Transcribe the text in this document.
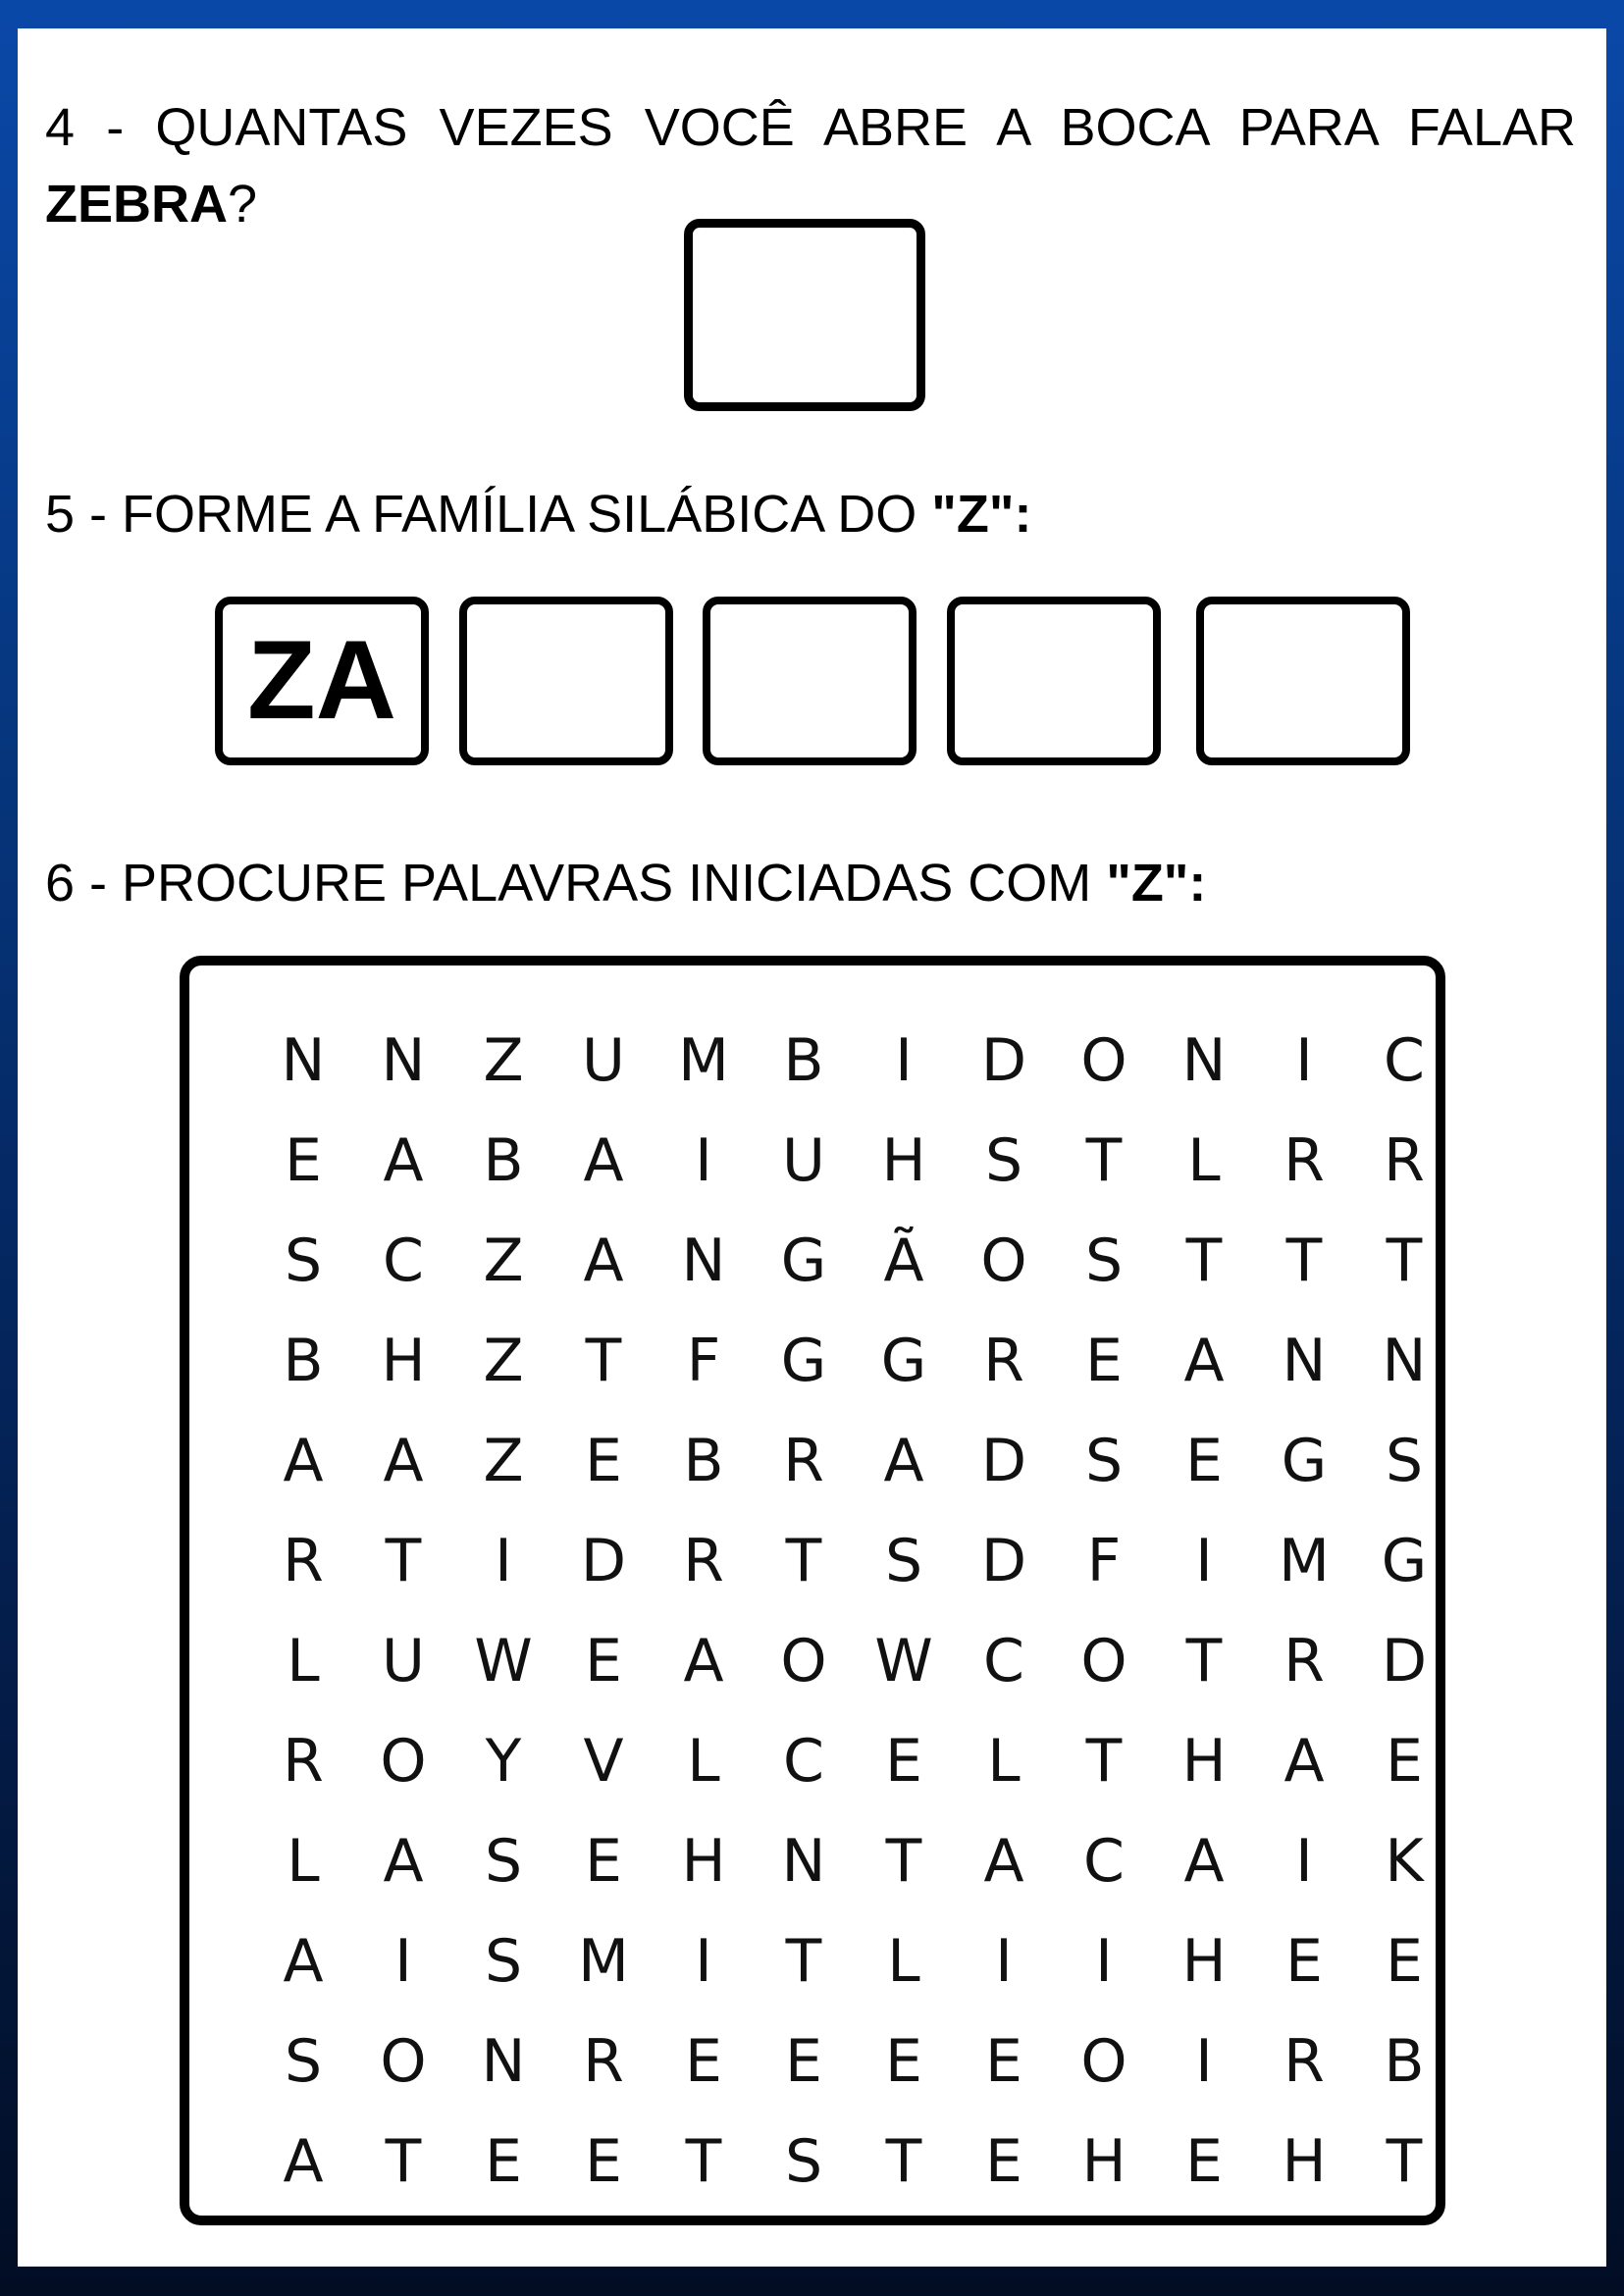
4 - QUANTAS VEZES VOCÊ ABRE A BOCA PARA FALAR ZEBRA?
5 - FORME A FAMÍLIA SILÁBICA DO "Z":
ZA
6 - PROCURE PALAVRAS INICIADAS COM "Z":
N N Z U M B	I	D O N	I	C
E	A	B	A	I	U H	S	T	L	R	R
S	C	Z	A N G Ã O S	T	T	T
B H Z	T	F	G G R	E	A N N
A	A	Z	E	B	R	A D S	E G S
R	T	I	D R	T	S D	F	I	M G
L	U W E	A O W C O	T	R D
R O	Y	V	L	C	E	L	T	H A	E
L	A	S	E	H N	T	A	C	A	I	K
A	I	S M	I	T	L	I	I	H	E	E
S O N R	E	E	E	E O	I	R	B
A	T	E	E	T	S	T	E	H	E	H	T
